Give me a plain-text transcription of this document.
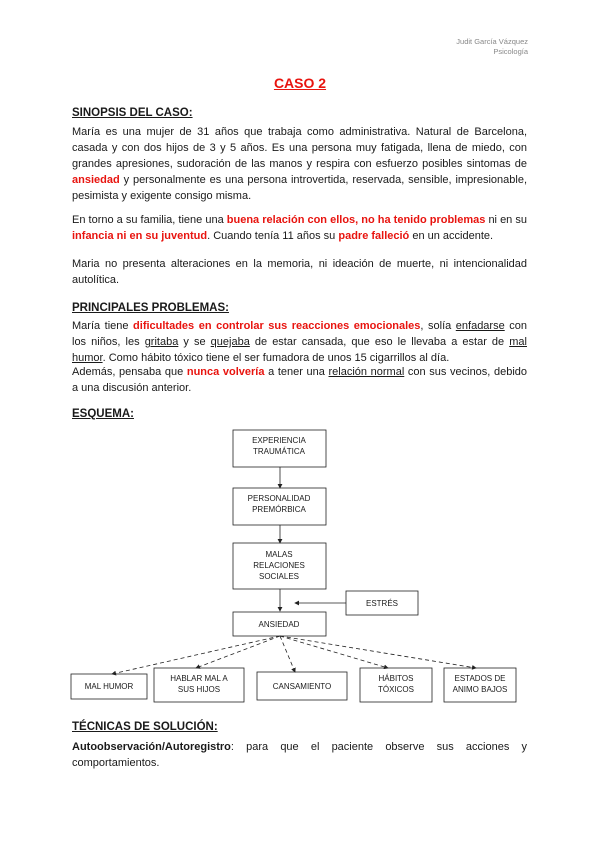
Judit García Vázquez
Psicología
CASO 2
SINOPSIS DEL CASO:
María es una mujer de 31 años que trabaja como administrativa. Natural de Barcelona, casada y con dos hijos de 3 y 5 años. Es una persona muy fatigada, llena de miedo, con grandes apresiones, sudoración de las manos y respira con esfuerzo posibles sintomas de ansiedad y personalmente es una persona introvertida, reservada, sensible, impresionable, pesimista y exigente consigo misma.
En torno a su familia, tiene una buena relación con ellos, no ha tenido problemas ni en su infancia ni en su juventud. Cuando tenía 11 años su padre falleció en un accidente.
Maria no presenta alteraciones en la memoria, ni ideación de muerte, ni intencionalidad autolítica.
PRINCIPALES PROBLEMAS:
María tiene dificultades en controlar sus reacciones emocionales, solía enfadarse con los niños, les gritaba y se quejaba de estar cansada, que eso le llevaba a estar de mal humor. Como hábito tóxico tiene el ser fumadora de unos 15 cigarrillos al día.
Además, pensaba que nunca volvería a tener una relación normal con sus vecinos, debido a una discusión anterior.
ESQUEMA:
EXPERIENCIA
TRAUMÁTICA
PERSONALIDAD
PREMÓRBICA
MALAS
RELACIONES
SOCIALES
ESTRÉS
ANSIEDAD
MAL HUMOR
HABLAR MAL A
SUS HIJOS	CANSAMIENTO
HÁBITOS
TÓXICOS
ESTADOS DE
ANIMO BAJOS
TÉCNICAS DE SOLUCIÓN:
Autoobservación/Autoregistro: para que el paciente observe sus acciones y comportamientos.
